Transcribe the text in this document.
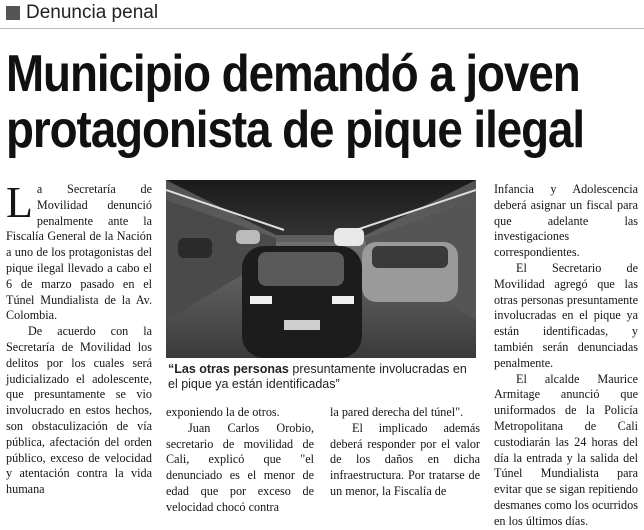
Denuncia penal
Municipio demandó a joven
protagonista de pique ilegal

La Secretaría de Movilidad denunció penalmente ante la Fiscalía General de la Nación a uno de los protagonistas del pique ilegal llevado a cabo el 6 de marzo pasado en el Túnel Mundialista de la Av. Colombia.

De acuerdo con la Secretaría de Movilidad los delitos por los cuales será judicializado el adolescente, que presuntamente se vio involucrado en estos hechos, son obstaculización de vía pública, afectación del orden público, exceso de velocidad y atentación contra la vida humana

“Las otras personas presuntamente involucradas en el pique ya están identificadas”

exponiendo la de otros.

Juan Carlos Orobio, secretario de movilidad de Cali, explicó que "el denunciado es el menor de edad que por exceso de velocidad chocó contra

la pared derecha del túnel".

El implicado además deberá responder por el valor de los daños en dicha infraestructura. Por tratarse de un menor, la Fiscalía de

Infancia y Adolescencia deberá asignar un fiscal para que adelante las investigaciones correspondientes.

El Secretario de Movilidad agregó que las otras personas presuntamente involucradas en el pique ya están identificadas, y también serán denunciadas penalmente.

El alcalde Maurice Armitage anunció que uniformados de la Policía Metropolitana de Cali custodiarán las 24 horas del día la entrada y la salida del Túnel Mundialista para evitar que se sigan repitiendo desmanes como los ocurridos en los últimos días.
